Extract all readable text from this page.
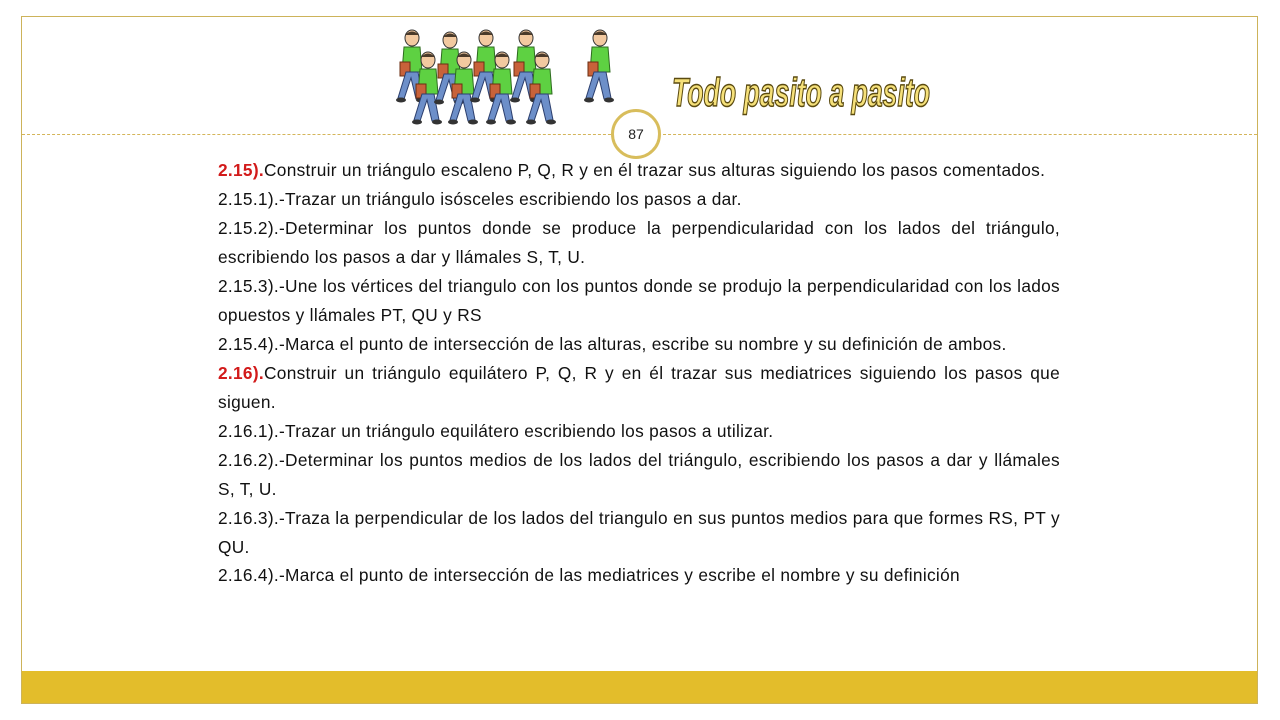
Todo pasito a pasito
87

2.15).Construir un triángulo escaleno P, Q, R y en él trazar sus alturas siguiendo los pasos comentados.

2.15.1).-Trazar un triángulo isósceles escribiendo los pasos a dar.

2.15.2).-Determinar los puntos donde se produce la perpendicularidad con los lados del triángulo, escribiendo los pasos a dar y llámales S, T, U.

2.15.3).-Une los vértices del triangulo con los puntos donde se produjo la perpendicularidad con los lados opuestos y llámales PT, QU y RS

2.15.4).-Marca el punto de intersección de las alturas, escribe su nombre y su definición de ambos.

2.16).Construir un triángulo equilátero P, Q, R y en él trazar sus mediatrices siguiendo los pasos que siguen.

2.16.1).-Trazar un triángulo equilátero escribiendo los pasos a utilizar.

2.16.2).-Determinar los puntos medios de los lados del triángulo, escribiendo los pasos a dar y llámales S, T, U.

2.16.3).-Traza la perpendicular de los lados del triangulo en sus puntos medios para que formes RS, PT y QU.

2.16.4).-Marca el punto de intersección de las mediatrices y escribe el nombre y su definición
